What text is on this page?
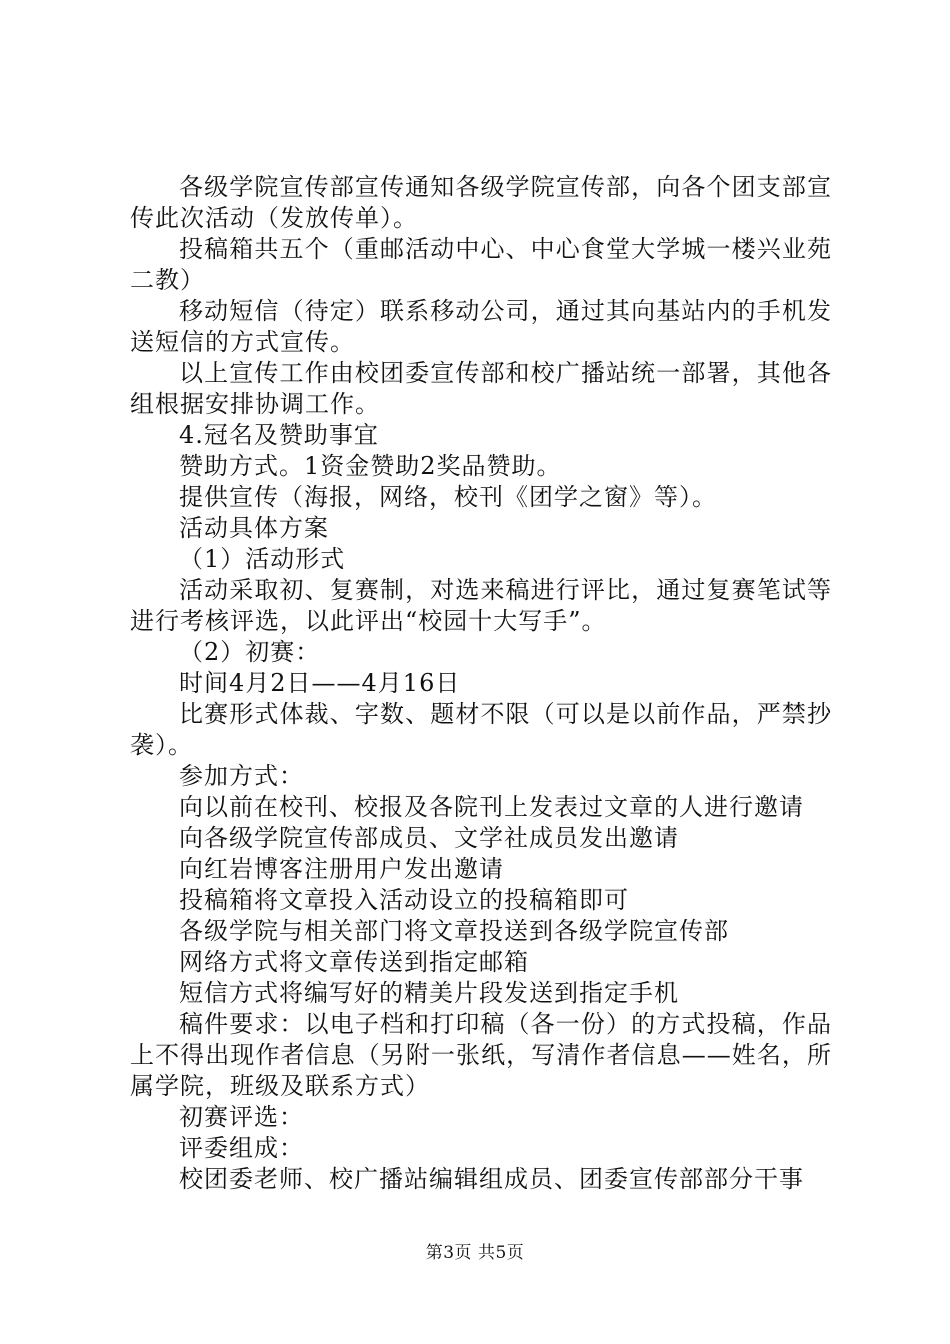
各级学院宣传部宣传通知各级学院宣传部，向各个团支部宣传此次活动（发放传单）。

投稿箱共五个（重邮活动中心、中心食堂大学城一楼兴业苑二教）

移动短信（待定）联系移动公司，通过其向基站内的手机发送短信的方式宣传。

以上宣传工作由校团委宣传部和校广播站统一部署，其他各组根据安排协调工作。

4.冠名及赞助事宜

赞助方式。1资金赞助2奖品赞助。

提供宣传（海报，网络，校刊《团学之窗》等）。

活动具体方案

（1）活动形式

活动采取初、复赛制，对选来稿进行评比，通过复赛笔试等进行考核评选，以此评出“校园十大写手”。

（2）初赛：

时间4月2日——4月16日

比赛形式体裁、字数、题材不限（可以是以前作品，严禁抄袭）。

参加方式：

向以前在校刊、校报及各院刊上发表过文章的人进行邀请

向各级学院宣传部成员、文学社成员发出邀请

向红岩博客注册用户发出邀请

投稿箱将文章投入活动设立的投稿箱即可

各级学院与相关部门将文章投送到各级学院宣传部

网络方式将文章传送到指定邮箱

短信方式将编写好的精美片段发送到指定手机

稿件要求：以电子档和打印稿（各一份）的方式投稿，作品上不得出现作者信息（另附一张纸，写清作者信息——姓名，所属学院，班级及联系方式）

初赛评选：

评委组成：

校团委老师、校广播站编辑组成员、团委宣传部部分干事

第3页 共5页
